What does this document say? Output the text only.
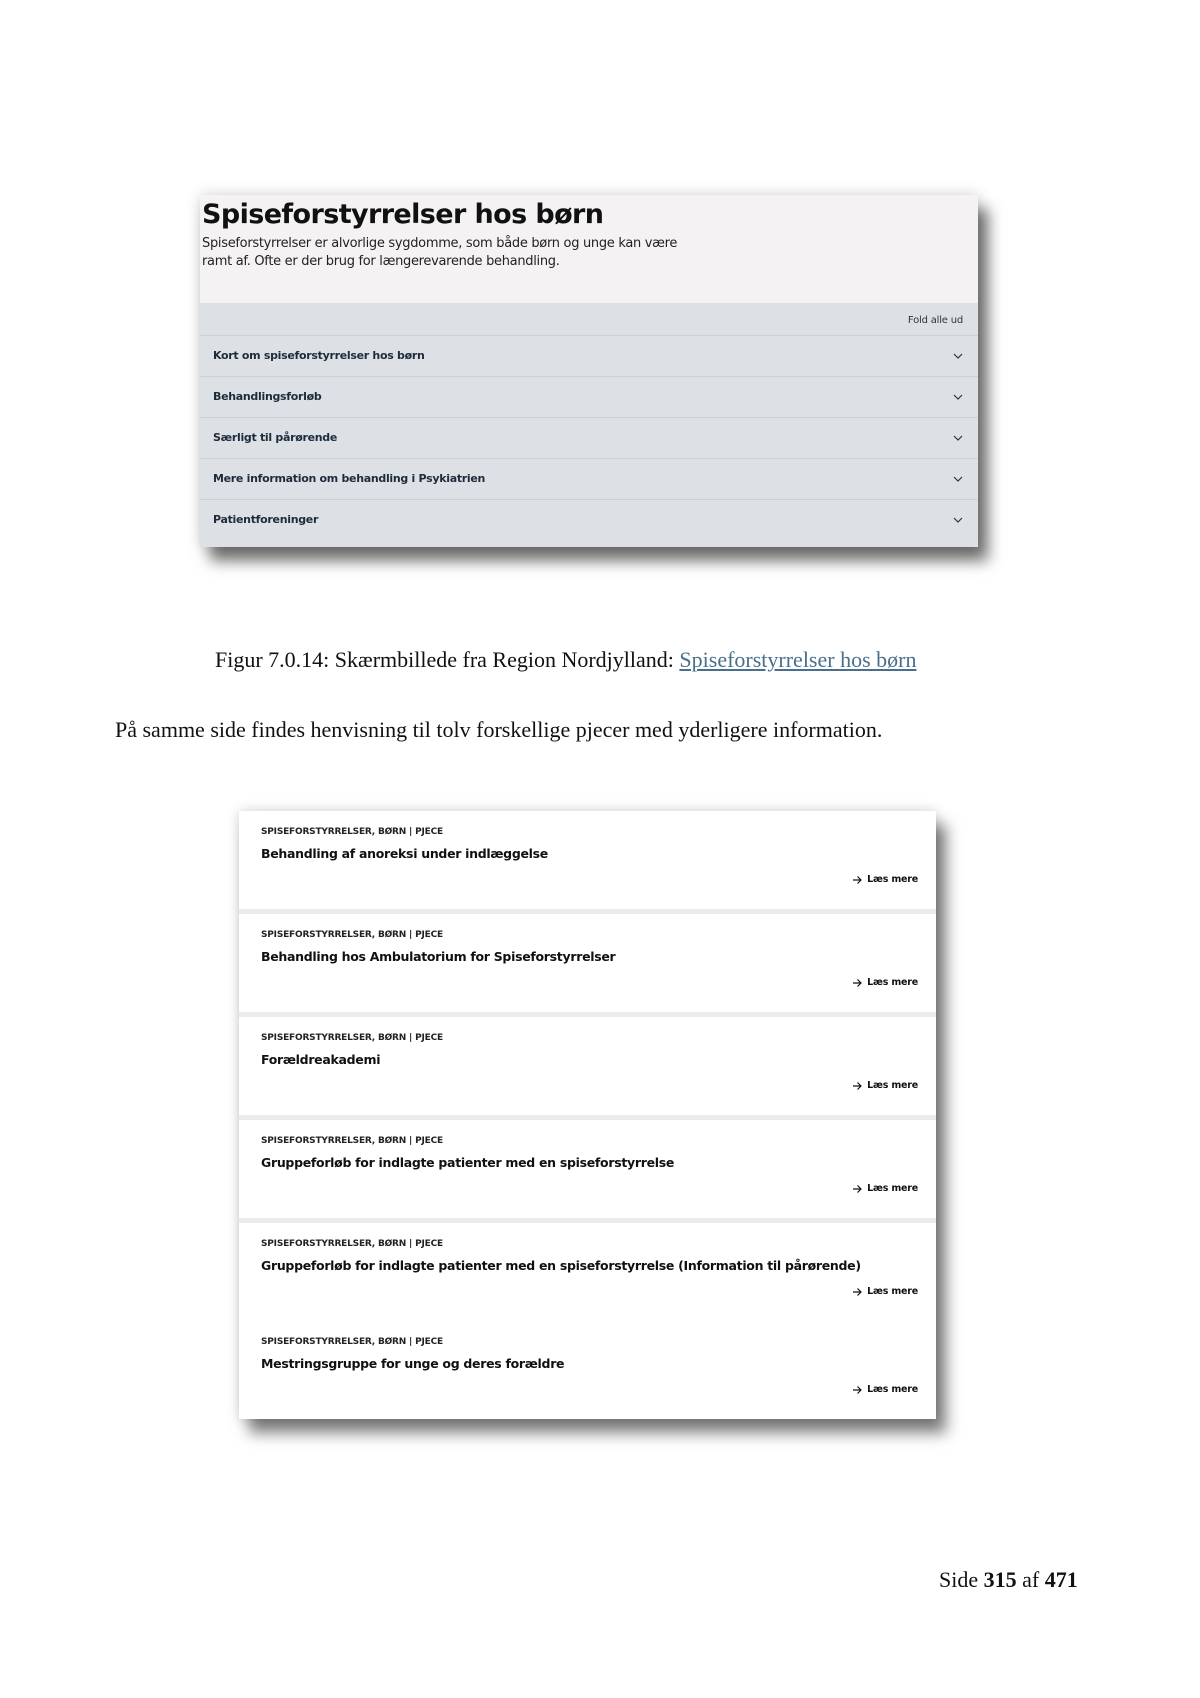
Spiseforstyrrelser hos børn
Spiseforstyrrelser er alvorlige sygdomme, som både børn og unge kan være
ramt af. Ofte er der brug for længerevarende behandling.
Fold alle ud
Kort om spiseforstyrrelser hos børn
Behandlingsforløb
Særligt til pårørende
Mere information om behandling i Psykiatrien
Patientforeninger
Figur 7.0.14: Skærmbillede fra Region Nordjylland: Spiseforstyrrelser hos børn
På samme side findes henvisning til tolv forskellige pjecer med yderligere information.
SPISEFORSTYRRELSER, BØRN | PJECE
Behandling af anoreksi under indlæggelse
Læs mere
SPISEFORSTYRRELSER, BØRN | PJECE
Behandling hos Ambulatorium for Spiseforstyrrelser
Læs mere
SPISEFORSTYRRELSER, BØRN | PJECE
Forældreakademi
Læs mere
SPISEFORSTYRRELSER, BØRN | PJECE
Gruppeforløb for indlagte patienter med en spiseforstyrrelse
Læs mere
SPISEFORSTYRRELSER, BØRN | PJECE
Gruppeforløb for indlagte patienter med en spiseforstyrrelse (Information til pårørende)
Læs mere
SPISEFORSTYRRELSER, BØRN | PJECE
Mestringsgruppe for unge og deres forældre
Læs mere
Side 315 af 471
